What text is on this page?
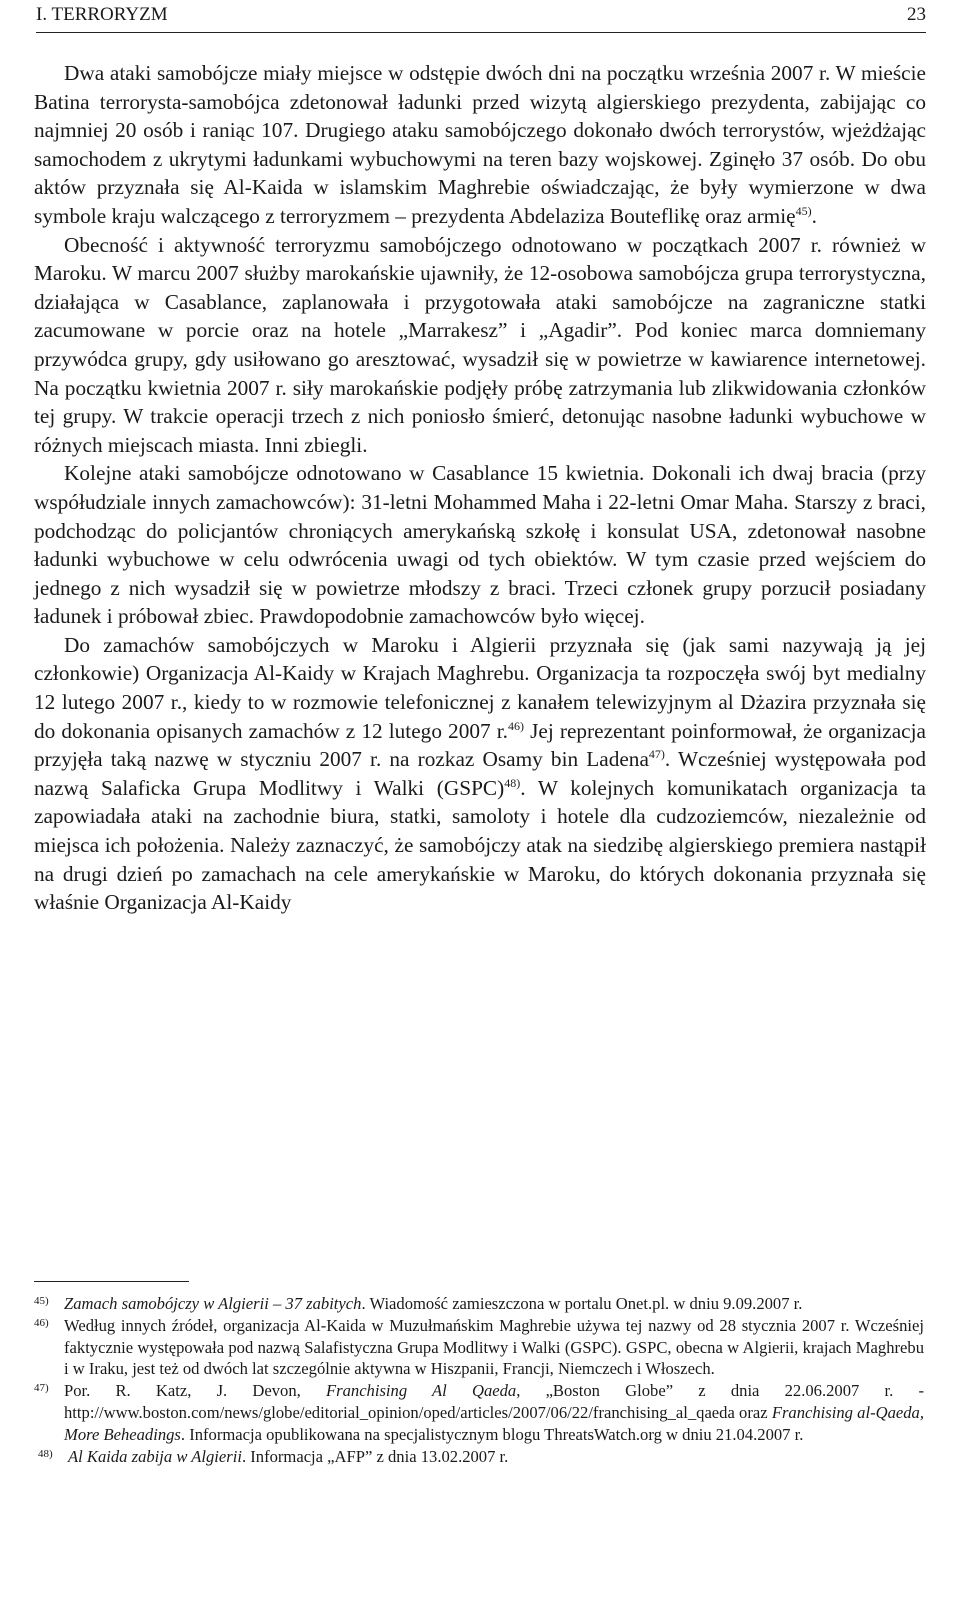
I. TERRORYZM	23

Dwa ataki samobójcze miały miejsce w odstępie dwóch dni na początku września 2007 r. W mieście Batina terrorysta-samobójca zdetonował ładunki przed wizytą algierskiego prezydenta, zabijając co najmniej 20 osób i raniąc 107. Drugiego ataku samobójczego dokonało dwóch terrorystów, wjeżdżając samochodem z ukrytymi ładunkami wybuchowymi na teren bazy wojskowej. Zginęło 37 osób. Do obu aktów przyznała się Al-Kaida w islamskim Maghrebie oświadczając, że były wymierzone w dwa symbole kraju walczącego z terroryzmem – prezydenta Abdelaziza Bouteflikę oraz armię$^{45)}$.

Obecność i aktywność terroryzmu samobójczego odnotowano w początkach 2007 r. również w Maroku. W marcu 2007 służby marokańskie ujawniły, że 12-osobowa samobójcza grupa terrorystyczna, działająca w Casablance, zaplanowała i przygotowała ataki samobójcze na zagraniczne statki zacumowane w porcie oraz na hotele „Marrakesz” i „Agadir”. Pod koniec marca domniemany przywódca grupy, gdy usiłowano go aresztować, wysadził się w powietrze w kawiarence internetowej. Na początku kwietnia 2007 r. siły marokańskie podjęły próbę zatrzymania lub zlikwidowania członków tej grupy. W trakcie operacji trzech z nich poniosło śmierć, detonując nasobne ładunki wybuchowe w różnych miejscach miasta. Inni zbiegli.

Kolejne ataki samobójcze odnotowano w Casablance 15 kwietnia. Dokonali ich dwaj bracia (przy współudziale innych zamachowców): 31-letni Mohammed Maha i 22-letni Omar Maha. Starszy z braci, podchodząc do policjantów chroniących amerykańską szkołę i konsulat USA, zdetonował nasobne ładunki wybuchowe w celu odwrócenia uwagi od tych obiektów. W tym czasie przed wejściem do jednego z nich wysadził się w powietrze młodszy z braci. Trzeci członek grupy porzucił posiadany ładunek i próbował zbiec. Prawdopodobnie zamachowców było więcej.

Do zamachów samobójczych w Maroku i Algierii przyznała się (jak sami nazywają ją jej członkowie) Organizacja Al-Kaidy w Krajach Maghrebu. Organizacja ta rozpoczęła swój byt medialny 12 lutego 2007 r., kiedy to w rozmowie telefonicznej z kanałem telewizyjnym al Dżazira przyznała się do dokonania opisanych zamachów z 12 lutego 2007 r.$^{46)}$ Jej reprezentant poinformował, że organizacja przyjęła taką nazwę w styczniu 2007 r. na rozkaz Osamy bin Ladena$^{47)}$. Wcześniej występowała pod nazwą Salaficka Grupa Modlitwy i Walki (GSPC)$^{48)}$. W kolejnych komunikatach organizacja ta zapowiadała ataki na zachodnie biura, statki, samoloty i hotele dla cudzoziemców, niezależnie od miejsca ich położenia. Należy zaznaczyć, że samobójczy atak na siedzibę algierskiego premiera nastąpił na drugi dzień po zamachach na cele amerykańskie w Maroku, do których dokonania przyznała się właśnie Organizacja Al-Kaidy

45) Zamach samobójczy w Algierii – 37 zabitych. Wiadomość zamieszczona w portalu Onet.pl. w dniu 9.09.2007 r.

46) Według innych źródeł, organizacja Al-Kaida w Muzułmańskim Maghrebie używa tej nazwy od 28 stycznia 2007 r. Wcześniej faktycznie występowała pod nazwą Salafistyczna Grupa Modlitwy i Walki (GSPC). GSPC, obecna w Algierii, krajach Maghrebu i w Iraku, jest też od dwóch lat szczególnie aktywna w Hiszpanii, Francji, Niemczech i Włoszech.

47) Por. R. Katz, J. Devon, Franchising Al Qaeda, „Boston Globe” z dnia 22.06.2007 r. - http://www.boston.com/news/globe/editorial_opinion/oped/articles/2007/06/22/franchising_al_qaeda oraz Franchising al-Qaeda, More Beheadings. Informacja opublikowana na specjalistycznym blogu ThreatsWatch.org w dniu 21.04.2007 r.

48) Al Kaida zabija w Algierii. Informacja „AFP” z dnia 13.02.2007 r.
